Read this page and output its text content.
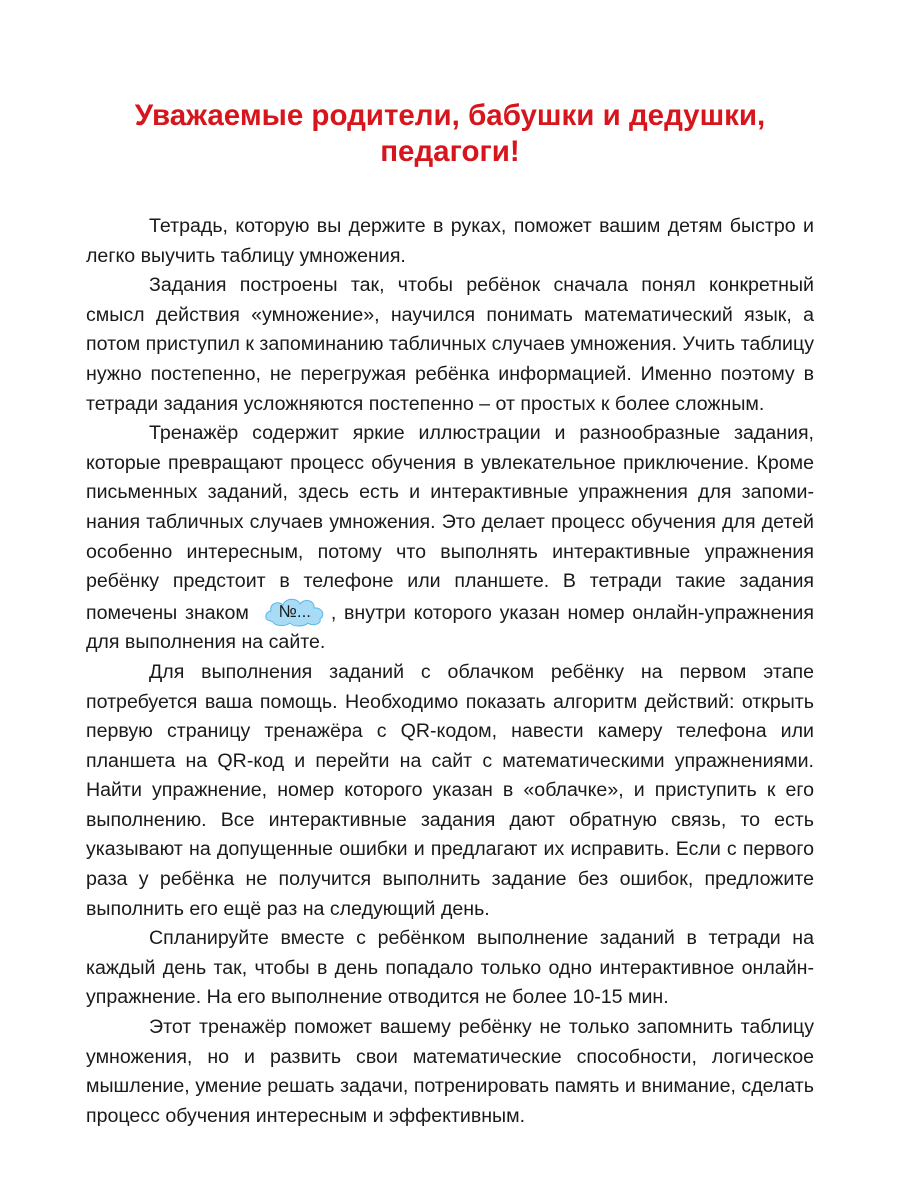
Уважаемые родители, бабушки и дедушки,
педагоги!

Тетрадь, которую вы держите в руках, поможет вашим детям быстро и легко выучить таблицу умножения.

Задания построены так, чтобы ребёнок сначала понял конкретный смысл действия «умножение», научился понимать математический язык, а потом приступил к запоминанию табличных случаев умножения. Учить таблицу нужно постепенно, не перегружая ребёнка информацией. Именно поэтому в тетради задания усложняются постепенно – от простых к более сложным.

Тренажёр содержит яркие иллюстрации и разнообразные задания, которые превращают процесс обучения в увлекательное приключение. Кроме письменных заданий, здесь есть и интерактивные упражнения для запоминания табличных случаев умножения. Это делает процесс обучения для детей особенно интересным, потому что выполнять интерактивные упражнения ребёнку предстоит в телефоне или планшете. В тетради такие задания помечены знаком	№...	, внутри которого указан номер онлайн-упражнения для выполнения на сайте.

Для выполнения заданий с облачком ребёнку на первом этапе потребуется ваша помощь. Необходимо показать алгоритм действий: открыть первую страницу тренажёра с QR-кодом, навести камеру телефона или планшета на QR-код и перейти на сайт с математическими упражнениями. Найти упражнение, номер которого указан в «облачке», и приступить к его выполнению. Все интерактивные задания дают обратную связь, то есть указывают на допущенные ошибки и предлагают их исправить. Если с первого раза у ребёнка не получится выполнить задание без ошибок, предложите выполнить его ещё раз на следующий день.

Спланируйте вместе с ребёнком выполнение заданий в тетради на каждый день так, чтобы в день попадало только одно интерактивное онлайн-упражнение. На его выполнение отводится не более 10-15 мин.

Этот тренажёр поможет вашему ребёнку не только запомнить таблицу умножения, но и развить свои математические способности, логическое мышление, умение решать задачи, потренировать память и внимание, сделать процесс обучения интересным и эффективным.
